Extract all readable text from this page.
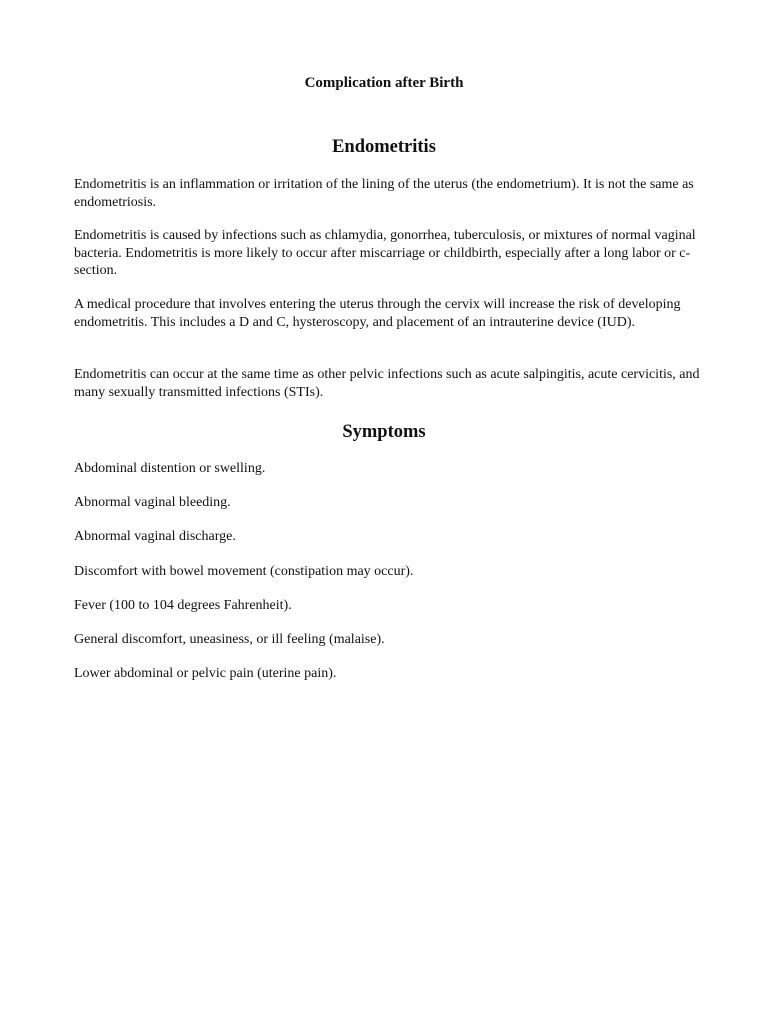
Complication after Birth
Endometritis

Endometritis is an inflammation or irritation of the lining of the uterus (the endometrium). It is not the same as endometriosis.

Endometritis is caused by infections such as chlamydia, gonorrhea, tuberculosis, or mixtures of normal vaginal bacteria. Endometritis is more likely to occur after miscarriage or childbirth, especially after a long labor or c-section.

A medical procedure that involves entering the uterus through the cervix will increase the risk of developing endometritis. This includes a D and C, hysteroscopy, and placement of an intrauterine device (IUD).

Endometritis can occur at the same time as other pelvic infections such as acute salpingitis, acute cervicitis, and many sexually transmitted infections (STIs).

Symptoms

Abdominal distention or swelling.

Abnormal vaginal bleeding.

Abnormal vaginal discharge.

Discomfort with bowel movement (constipation may occur).

Fever (100 to 104 degrees Fahrenheit).

General discomfort, uneasiness, or ill feeling (malaise).

Lower abdominal or pelvic pain (uterine pain).
